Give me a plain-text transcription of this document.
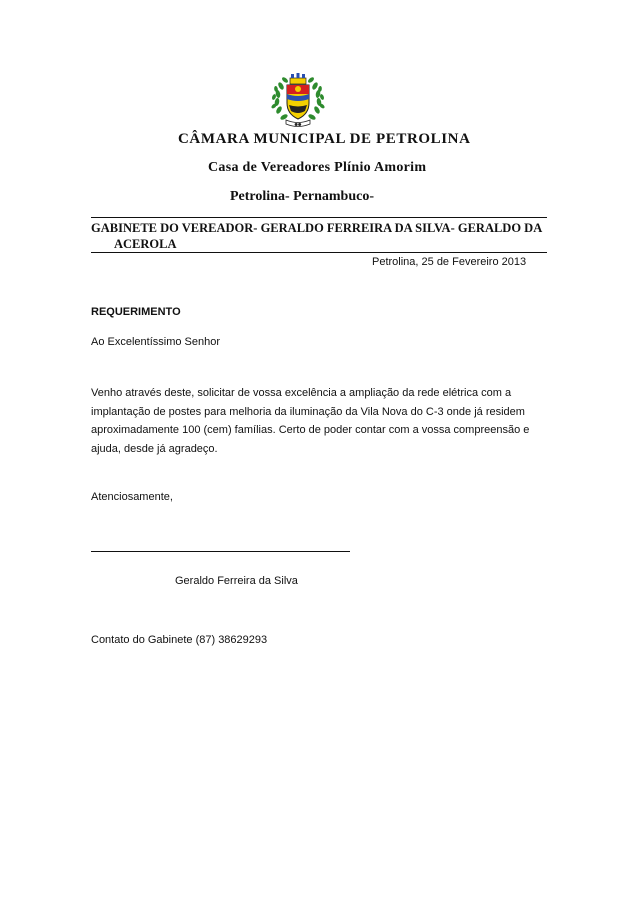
●●
CÂMARA MUNICIPAL DE PETROLINA
Casa de Vereadores Plínio Amorim
Petrolina- Pernambuco-
GABINETE DO VEREADOR- GERALDO FERREIRA DA SILVA- GERALDO DA
ACEROLA
Petrolina, 25 de Fevereiro 2013
REQUERIMENTO
Ao Excelentíssimo Senhor
Venho através deste, solicitar de vossa excelência a ampliação da rede elétrica com a
implantação de postes para melhoria da iluminação da Vila Nova do C-3 onde já residem
aproximadamente 100 (cem) famílias. Certo de poder contar com a vossa compreensão e
ajuda, desde já agradeço.
Atenciosamente,
Geraldo Ferreira da Silva
Contato do Gabinete (87) 38629293
